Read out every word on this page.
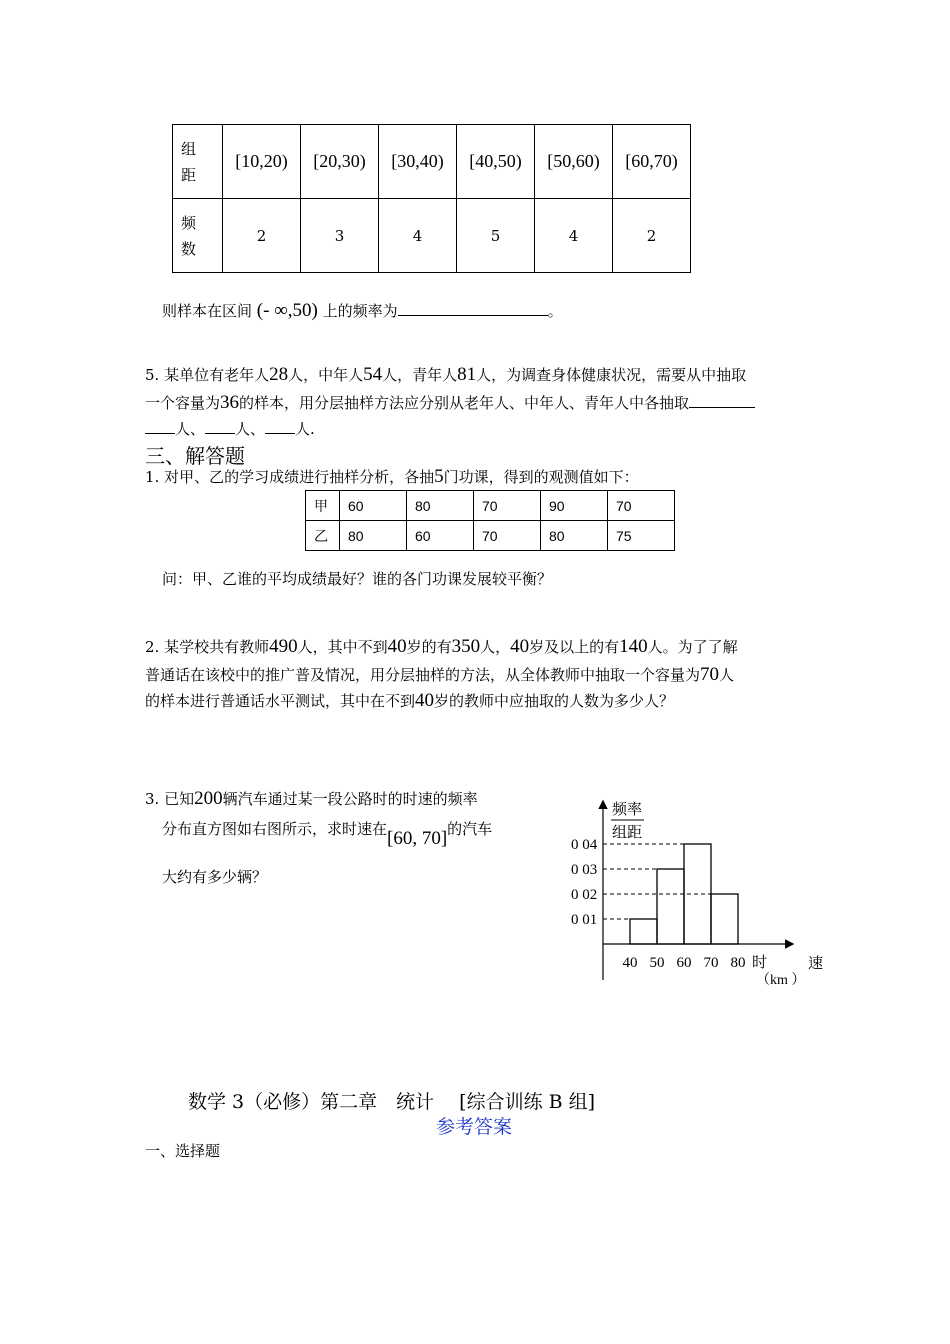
组
距	[10,20)	[20,30)	[30,40)	[40,50)	[50,60)	[60,70)
频
数	2	3	4	5	4	2
则样本在区间 (- ∞,50) 上的频率为	。
5. 某单位有老年人28人，中年人54人，青年人81人，为调查身体健康状况，需要从中抽取
一个容量为36的样本，用分层抽样方法应分别从老年人、中年人、青年人中各抽取
人、 人、 人.
三、解答题
1. 对甲、乙的学习成绩进行抽样分析，各抽5门功课，得到的观测值如下：
甲	60	80	70	90	70
乙	80	60	70	80	75
问：甲、乙谁的平均成绩最好？谁的各门功课发展较平衡？
2. 某学校共有教师490人，其中不到40岁的有350人，40岁及以上的有140人。为了了解
普通话在该校中的推广普及情况，用分层抽样的方法，从全体教师中抽取一个容量为70人
的样本进行普通话水平测试，其中在不到40岁的教师中应抽取的人数为多少人？
3. 已知200辆汽车通过某一段公路时的时速的频率
分布直方图如右图所示，求时速在[60, 70]的汽车
大约有多少辆？
频率
组距
0 04
0 03
0 02
0 01
40 50 60 70 80 时	速
（km ）
数学 3（必修）第二章　统计　 [综合训练 B 组]
参考答案
一、选择题
